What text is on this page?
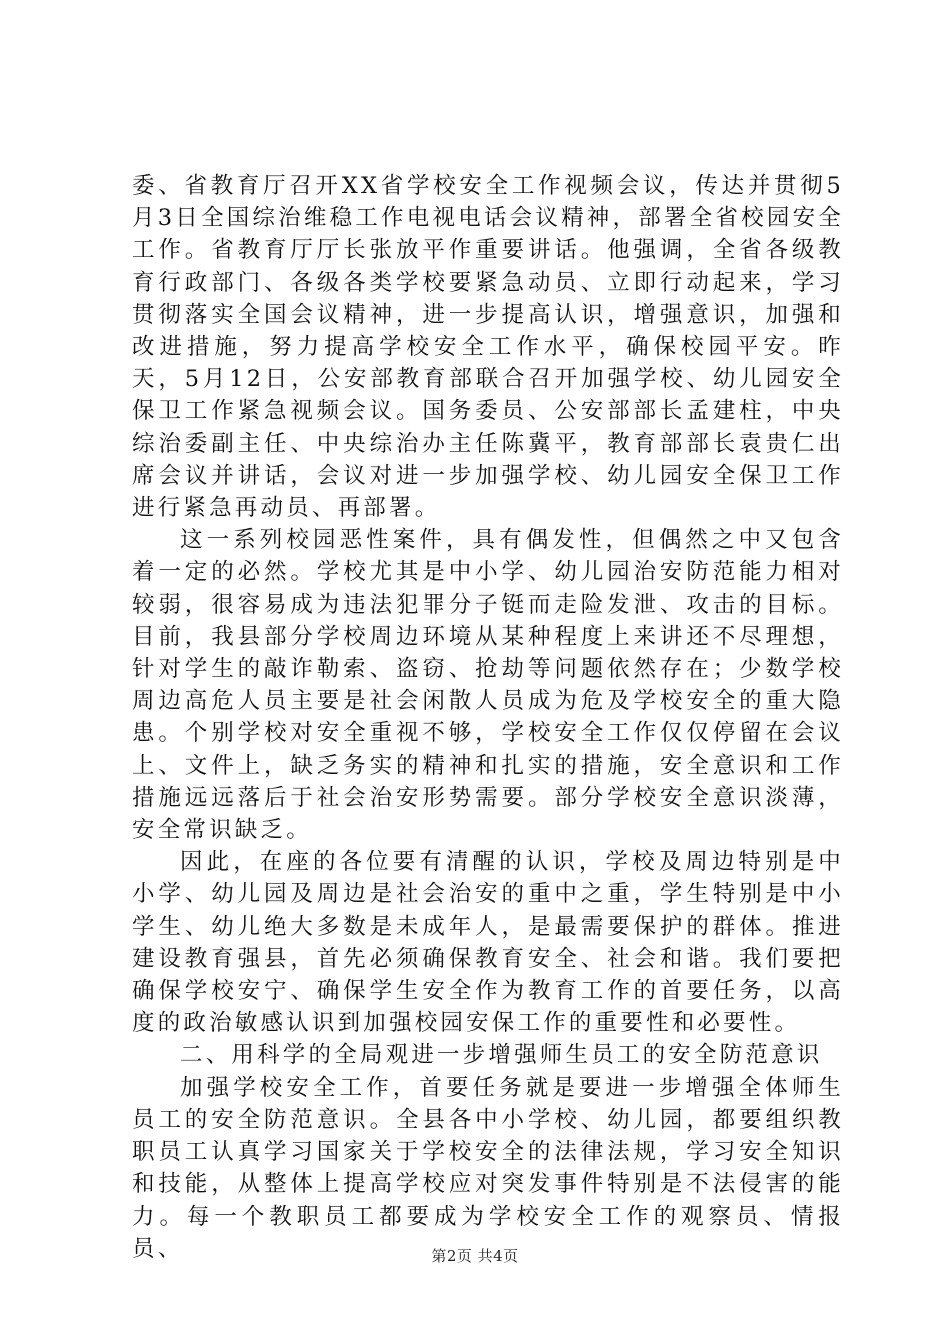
委、省教育厅召开XX省学校安全工作视频会议，传达并贯彻5月3日全国综治维稳工作电视电话会议精神，部署全省校园安全工作。省教育厅厅长张放平作重要讲话。他强调，全省各级教育行政部门、各级各类学校要紧急动员、立即行动起来，学习贯彻落实全国会议精神，进一步提高认识，增强意识，加强和改进措施，努力提高学校安全工作水平，确保校园平安。昨天，5月12日，公安部教育部联合召开加强学校、幼儿园安全保卫工作紧急视频会议。国务委员、公安部部长孟建柱，中央综治委副主任、中央综治办主任陈冀平，教育部部长袁贵仁出席会议并讲话，会议对进一步加强学校、幼儿园安全保卫工作进行紧急再动员、再部署。

这一系列校园恶性案件，具有偶发性，但偶然之中又包含着一定的必然。学校尤其是中小学、幼儿园治安防范能力相对较弱，很容易成为违法犯罪分子铤而走险发泄、攻击的目标。目前，我县部分学校周边环境从某种程度上来讲还不尽理想，针对学生的敲诈勒索、盗窃、抢劫等问题依然存在；少数学校周边高危人员主要是社会闲散人员成为危及学校安全的重大隐患。个别学校对安全重视不够，学校安全工作仅仅停留在会议上、文件上，缺乏务实的精神和扎实的措施，安全意识和工作措施远远落后于社会治安形势需要。部分学校安全意识淡薄，安全常识缺乏。

因此，在座的各位要有清醒的认识，学校及周边特别是中小学、幼儿园及周边是社会治安的重中之重，学生特别是中小学生、幼儿绝大多数是未成年人，是最需要保护的群体。推进建设教育强县，首先必须确保教育安全、社会和谐。我们要把确保学校安宁、确保学生安全作为教育工作的首要任务，以高度的政治敏感认识到加强校园安保工作的重要性和必要性。

二、用科学的全局观进一步增强师生员工的安全防范意识

加强学校安全工作，首要任务就是要进一步增强全体师生员工的安全防范意识。全县各中小学校、幼儿园，都要组织教职员工认真学习国家关于学校安全的法律法规，学习安全知识和技能，从整体上提高学校应对突发事件特别是不法侵害的能力。每一个教职员工都要成为学校安全工作的观察员、情报员、	第2页 共4页
